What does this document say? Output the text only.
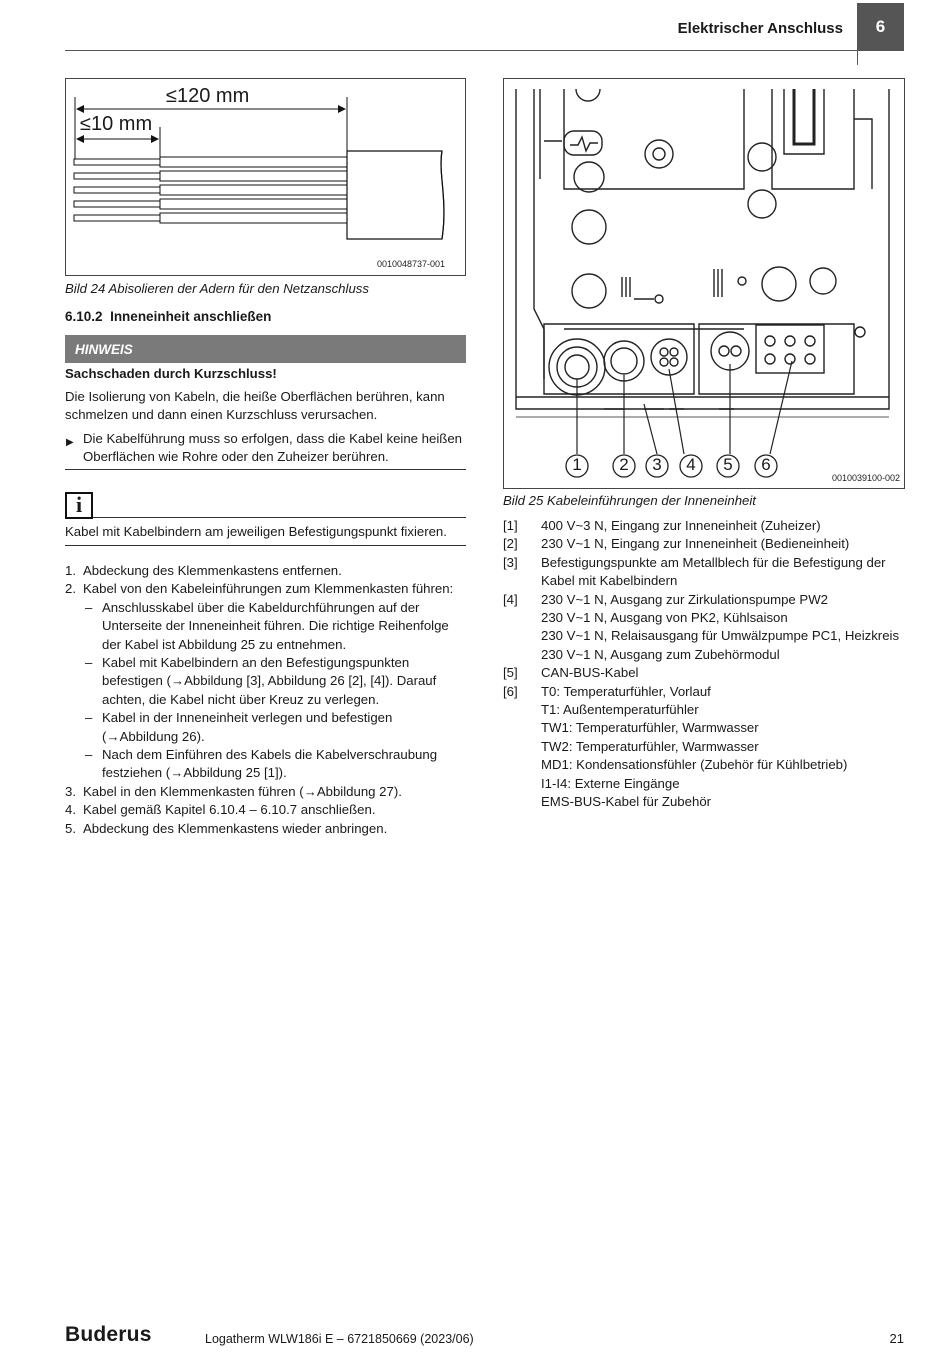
Elektrischer Anschluss	6
≤120 mm
≤10 mm
0010048737-001
Bild 24 Abisolieren der Adern für den Netzanschluss
6.10.2 Inneneinheit anschließen
HINWEIS
Sachschaden durch Kurzschluss!
Die Isolierung von Kabeln, die heiße Oberflächen berühren, kann schmelzen und dann einen Kurzschluss verursachen.
▶ Die Kabelführung muss so erfolgen, dass die Kabel keine heißen Oberflächen wie Rohre oder den Zuheizer berühren.
i
Kabel mit Kabelbindern am jeweiligen Befestigungspunkt fixieren.
1. Abdeckung des Klemmenkastens entfernen.
2. Kabel von den Kabeleinführungen zum Klemmenkasten führen:
– Anschlusskabel über die Kabeldurchführungen auf der Unterseite der Inneneinheit führen. Die richtige Reihenfolge der Kabel ist Abbildung 25 zu entnehmen.
– Kabel mit Kabelbindern an den Befestigungspunkten befestigen (→Abbildung [3], Abbildung 26 [2], [4]). Darauf achten, die Kabel nicht über Kreuz zu verlegen.
– Kabel in der Inneneinheit verlegen und befestigen (→Abbildung 26).
– Nach dem Einführen des Kabels die Kabelverschraubung festziehen (→Abbildung 25 [1]).
3. Kabel in den Klemmenkasten führen (→Abbildung 27).
4. Kabel gemäß Kapitel 6.10.4 – 6.10.7 anschließen.
5. Abdeckung des Klemmenkastens wieder anbringen.
1 2 3 4 5 6
0010039100-002
Bild 25 Kabeleinführungen der Inneneinheit
[1]	400 V~3 N, Eingang zur Inneneinheit (Zuheizer)
[2]	230 V~1 N, Eingang zur Inneneinheit (Bedieneinheit)
[3]	Befestigungspunkte am Metallblech für die Befestigung der Kabel mit Kabelbindern
[4]	230 V~1 N, Ausgang zur Zirkulationspumpe PW2
230 V~1 N, Ausgang von PK2, Kühlsaison
230 V~1 N, Relaisausgang für Umwälzpumpe PC1, Heizkreis
230 V~1 N, Ausgang zum Zubehörmodul
[5]	CAN-BUS-Kabel
[6]	T0: Temperaturfühler, Vorlauf
T1: Außentemperaturfühler
TW1: Temperaturfühler, Warmwasser
TW2: Temperaturfühler, Warmwasser
MD1: Kondensationsfühler (Zubehör für Kühlbetrieb)
I1-I4: Externe Eingänge
EMS-BUS-Kabel für Zubehör
Buderus	Logatherm WLW186i E – 6721850669 (2023/06)	21
